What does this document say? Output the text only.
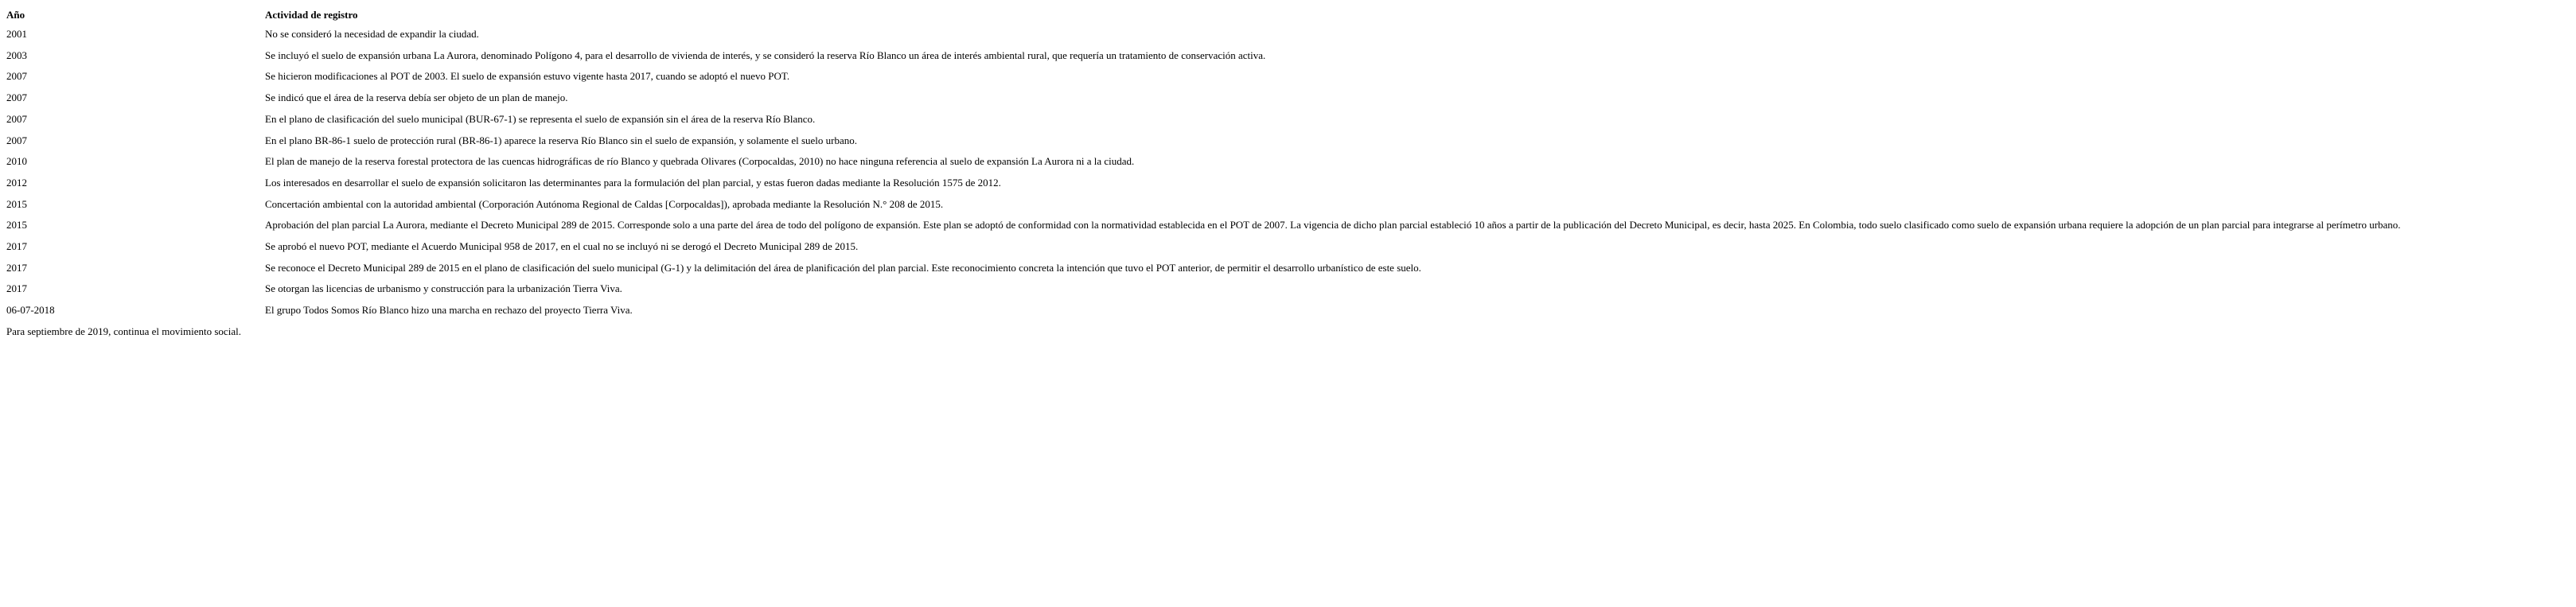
Año	Actividad de registro
2001	No se consideró la necesidad de expandir la ciudad.
2003	Se incluyó el suelo de expansión urbana La Aurora, denominado Polígono 4, para el desarrollo de vivienda de interés, y se consideró la reserva Río Blanco un área de interés ambiental rural, que requería un tratamiento de conservación activa.
2007	Se hicieron modificaciones al POT de 2003. El suelo de expansión estuvo vigente hasta 2017, cuando se adoptó el nuevo POT.
2007	Se indicó que el área de la reserva debía ser objeto de un plan de manejo.
2007	En el plano de clasificación del suelo municipal (BUR-67-1) se representa el suelo de expansión sin el área de la reserva Río Blanco.
2007	En el plano BR-86-1 suelo de protección rural (BR-86-1) aparece la reserva Río Blanco sin el suelo de expansión, y solamente el suelo urbano.
2010	El plan de manejo de la reserva forestal protectora de las cuencas hidrográficas de río Blanco y quebrada Olivares (Corpocaldas, 2010) no hace ninguna referencia al suelo de expansión La Aurora ni a la ciudad.
2012	Los interesados en desarrollar el suelo de expansión solicitaron las determinantes para la formulación del plan parcial, y estas fueron dadas mediante la Resolución 1575 de 2012.
2015	Concertación ambiental con la autoridad ambiental (Corporación Autónoma Regional de Caldas [Corpocaldas]), aprobada mediante la Resolución N.° 208 de 2015.
2015	Aprobación del plan parcial La Aurora, mediante el Decreto Municipal 289 de 2015. Corresponde solo a una parte del área de todo del polígono de expansión. Este plan se adoptó de conformidad con la normatividad establecida en el POT de 2007. La vigencia de dicho plan parcial estableció 10 años a partir de la publicación del Decreto Municipal, es decir, hasta 2025. En Colombia, todo suelo clasificado como suelo de expansión urbana requiere la adopción de un plan parcial para integrarse al perímetro urbano.
2017	Se aprobó el nuevo POT, mediante el Acuerdo Municipal 958 de 2017, en el cual no se incluyó ni se derogó el Decreto Municipal 289 de 2015.
2017	Se reconoce el Decreto Municipal 289 de 2015 en el plano de clasificación del suelo municipal (G-1) y la delimitación del área de planificación del plan parcial. Este reconocimiento concreta la intención que tuvo el POT anterior, de permitir el desarrollo urbanístico de este suelo.
2017	Se otorgan las licencias de urbanismo y construcción para la urbanización Tierra Viva.
06-07-2018	El grupo Todos Somos Río Blanco hizo una marcha en rechazo del proyecto Tierra Viva.
Para septiembre de 2019, continua el movimiento social.
